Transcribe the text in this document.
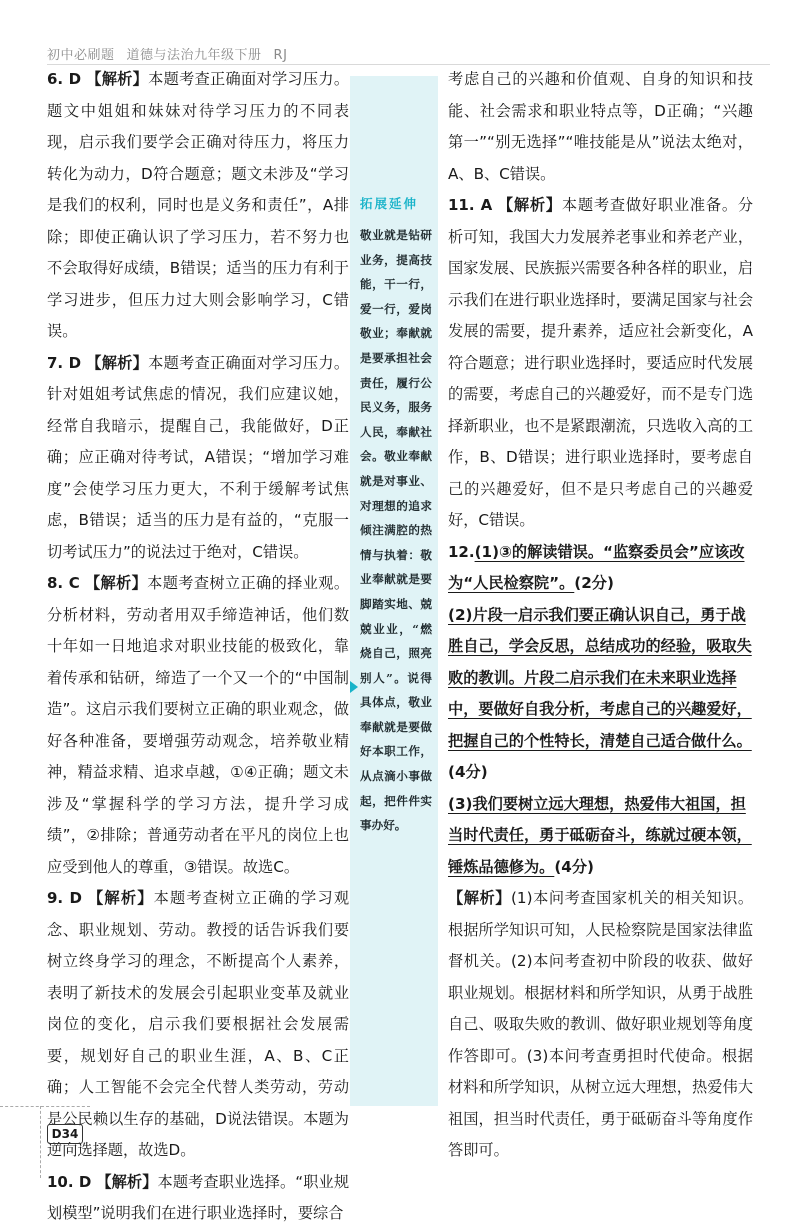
初中必刷题 道德与法治九年级下册 RJ

6. D 【解析】本题考查正确面对学习压力。题文中姐姐和妹妹对待学习压力的不同表现，启示我们要学会正确对待压力，将压力转化为动力，D符合题意；题文未涉及“学习是我们的权利，同时也是义务和责任”，A排除；即使正确认识了学习压力，若不努力也不会取得好成绩，B错误；适当的压力有利于学习进步，但压力过大则会影响学习，C错误。

7. D 【解析】本题考查正确面对学习压力。针对姐姐考试焦虑的情况，我们应建议她，经常自我暗示，提醒自己，我能做好，D正确；应正确对待考试，A错误；“增加学习难度”会使学习压力更大，不利于缓解考试焦虑，B错误；适当的压力是有益的，“克服一切考试压力”的说法过于绝对，C错误。

8. C 【解析】本题考查树立正确的择业观。分析材料，劳动者用双手缔造神话，他们数十年如一日地追求对职业技能的极致化，靠着传承和钻研，缔造了一个又一个的“中国制造”。这启示我们要树立正确的职业观念，做好各种准备，要增强劳动观念，培养敬业精神，精益求精、追求卓越，①④正确；题文未涉及“掌握科学的学习方法，提升学习成绩”，②排除；普通劳动者在平凡的岗位上也应受到他人的尊重，③错误。故选C。

9. D 【解析】本题考查树立正确的学习观念、职业规划、劳动。教授的话告诉我们要树立终身学习的理念，不断提高个人素养，表明了新技术的发展会引起职业变革及就业岗位的变化，启示我们要根据社会发展需要，规划好自己的职业生涯，A、B、C正确；人工智能不会完全代替人类劳动，劳动是公民赖以生存的基础，D说法错误。本题为逆向选择题，故选D。

10. D 【解析】本题考查职业选择。“职业规划模型”说明我们在进行职业选择时，要综合

拓展延伸
敬业就是钻研业务，提高技能，干一行，爱一行，爱岗敬业；奉献就是要承担社会责任，履行公民义务，服务人民，奉献社会。敬业奉献就是对事业、对理想的追求倾注满腔的热情与执着：敬业奉献就是要脚踏实地、兢兢业业，“燃烧自己，照亮别人”。说得具体点，敬业奉献就是要做好本职工作，从点滴小事做起，把件件实事办好。

考虑自己的兴趣和价值观、自身的知识和技能、社会需求和职业特点等，D正确；“兴趣第一”“别无选择”“唯技能是从”说法太绝对，A、B、C错误。

11. A 【解析】本题考查做好职业准备。分析可知，我国大力发展养老事业和养老产业，国家发展、民族振兴需要各种各样的职业，启示我们在进行职业选择时，要满足国家与社会发展的需要，提升素养，适应社会新变化，A符合题意；进行职业选择时，要适应时代发展的需要，考虑自己的兴趣爱好，而不是专门选择新职业，也不是紧跟潮流，只选收入高的工作，B、D错误；进行职业选择时，要考虑自己的兴趣爱好，但不是只考虑自己的兴趣爱好，C错误。

12.(1)③的解读错误。“监察委员会”应该改为“人民检察院”。(2分)

(2)片段一启示我们要正确认识自己，勇于战胜自己，学会反思，总结成功的经验，吸取失败的教训。片段二启示我们在未来职业选择中，要做好自我分析，考虑自己的兴趣爱好，把握自己的个性特长，清楚自己适合做什么。(4分)

(3)我们要树立远大理想，热爱伟大祖国，担当时代责任，勇于砥砺奋斗，练就过硬本领，锤炼品德修为。(4分)

【解析】(1)本问考查国家机关的相关知识。根据所学知识可知，人民检察院是国家法律监督机关。(2)本问考查初中阶段的收获、做好职业规划。根据材料和所学知识，从勇于战胜自己、吸取失败的教训、做好职业规划等角度作答即可。(3)本问考查勇担时代使命。根据材料和所学知识，从树立远大理想，热爱伟大祖国，担当时代责任，勇于砥砺奋斗等角度作答即可。

D34
